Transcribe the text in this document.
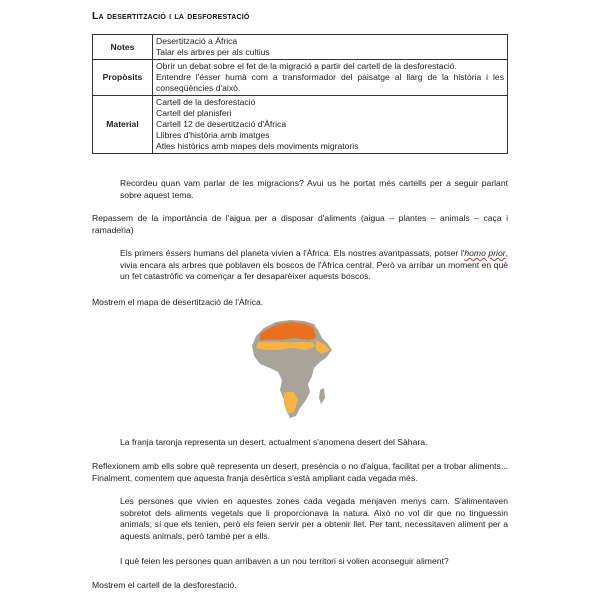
La desertització i la desforestació
Notes	Desertització a Àfrica
Talar els arbres per als cultius

Propòsits	Obrir un debat sobre el fet de la migració a partir del cartell de la desforestació.
Entendre l'ésser humà com a transformador del paisatge al llarg de la història i les conseqüències d'això.

Material	Cartell de la desforestació
Cartell del planisferi
Cartell 12 de desertització d'Àfrica
Llibres d'història amb imatges
Atles històrics amb mapes dels moviments migratoris
Recordeu quan vam parlar de les migracions? Avui us he portat més cartells per a seguir parlant sobre aquest tema.
Repassem de la importància de l'aigua per a disposar d'aliments (aigua – plantes – animals – caça i ramaderia)
Els primers éssers humans del planeta vivien a l'Àfrica. Els nostres avantpassats, potser l'homo prior, vivia encara als arbres que poblaven els boscos de l'Àfrica central. Però va arribar un moment en què un fet catastròfic va començar a fer desaparèixer aquests boscos.
Mostrem el mapa de desertització de l'Àfrica.
La franja taronja representa un desert, actualment s'anomena desert del Sàhara.
Reflexionem amb ells sobre què representa un desert, presència o no d'aigua, facilitat per a trobar aliments... Finalment, comentem que aquesta franja desèrtica s'està ampliant cada vegada més.
Les persones que vivien en aquestes zones cada vegada menjaven menys carn. S'alimentaven sobretot dels aliments vegetals que li proporcionava la natura. Això no vol dir que no tinguessin animals; sí que els tenien, però els feien servir per a obtenir llet. Per tant, necessitaven aliment per a aquests animals, però també per a ells.
I què feien les persones quan arribaven a un nou territori si volien aconseguir aliment?
Mostrem el cartell de la desforestació.
